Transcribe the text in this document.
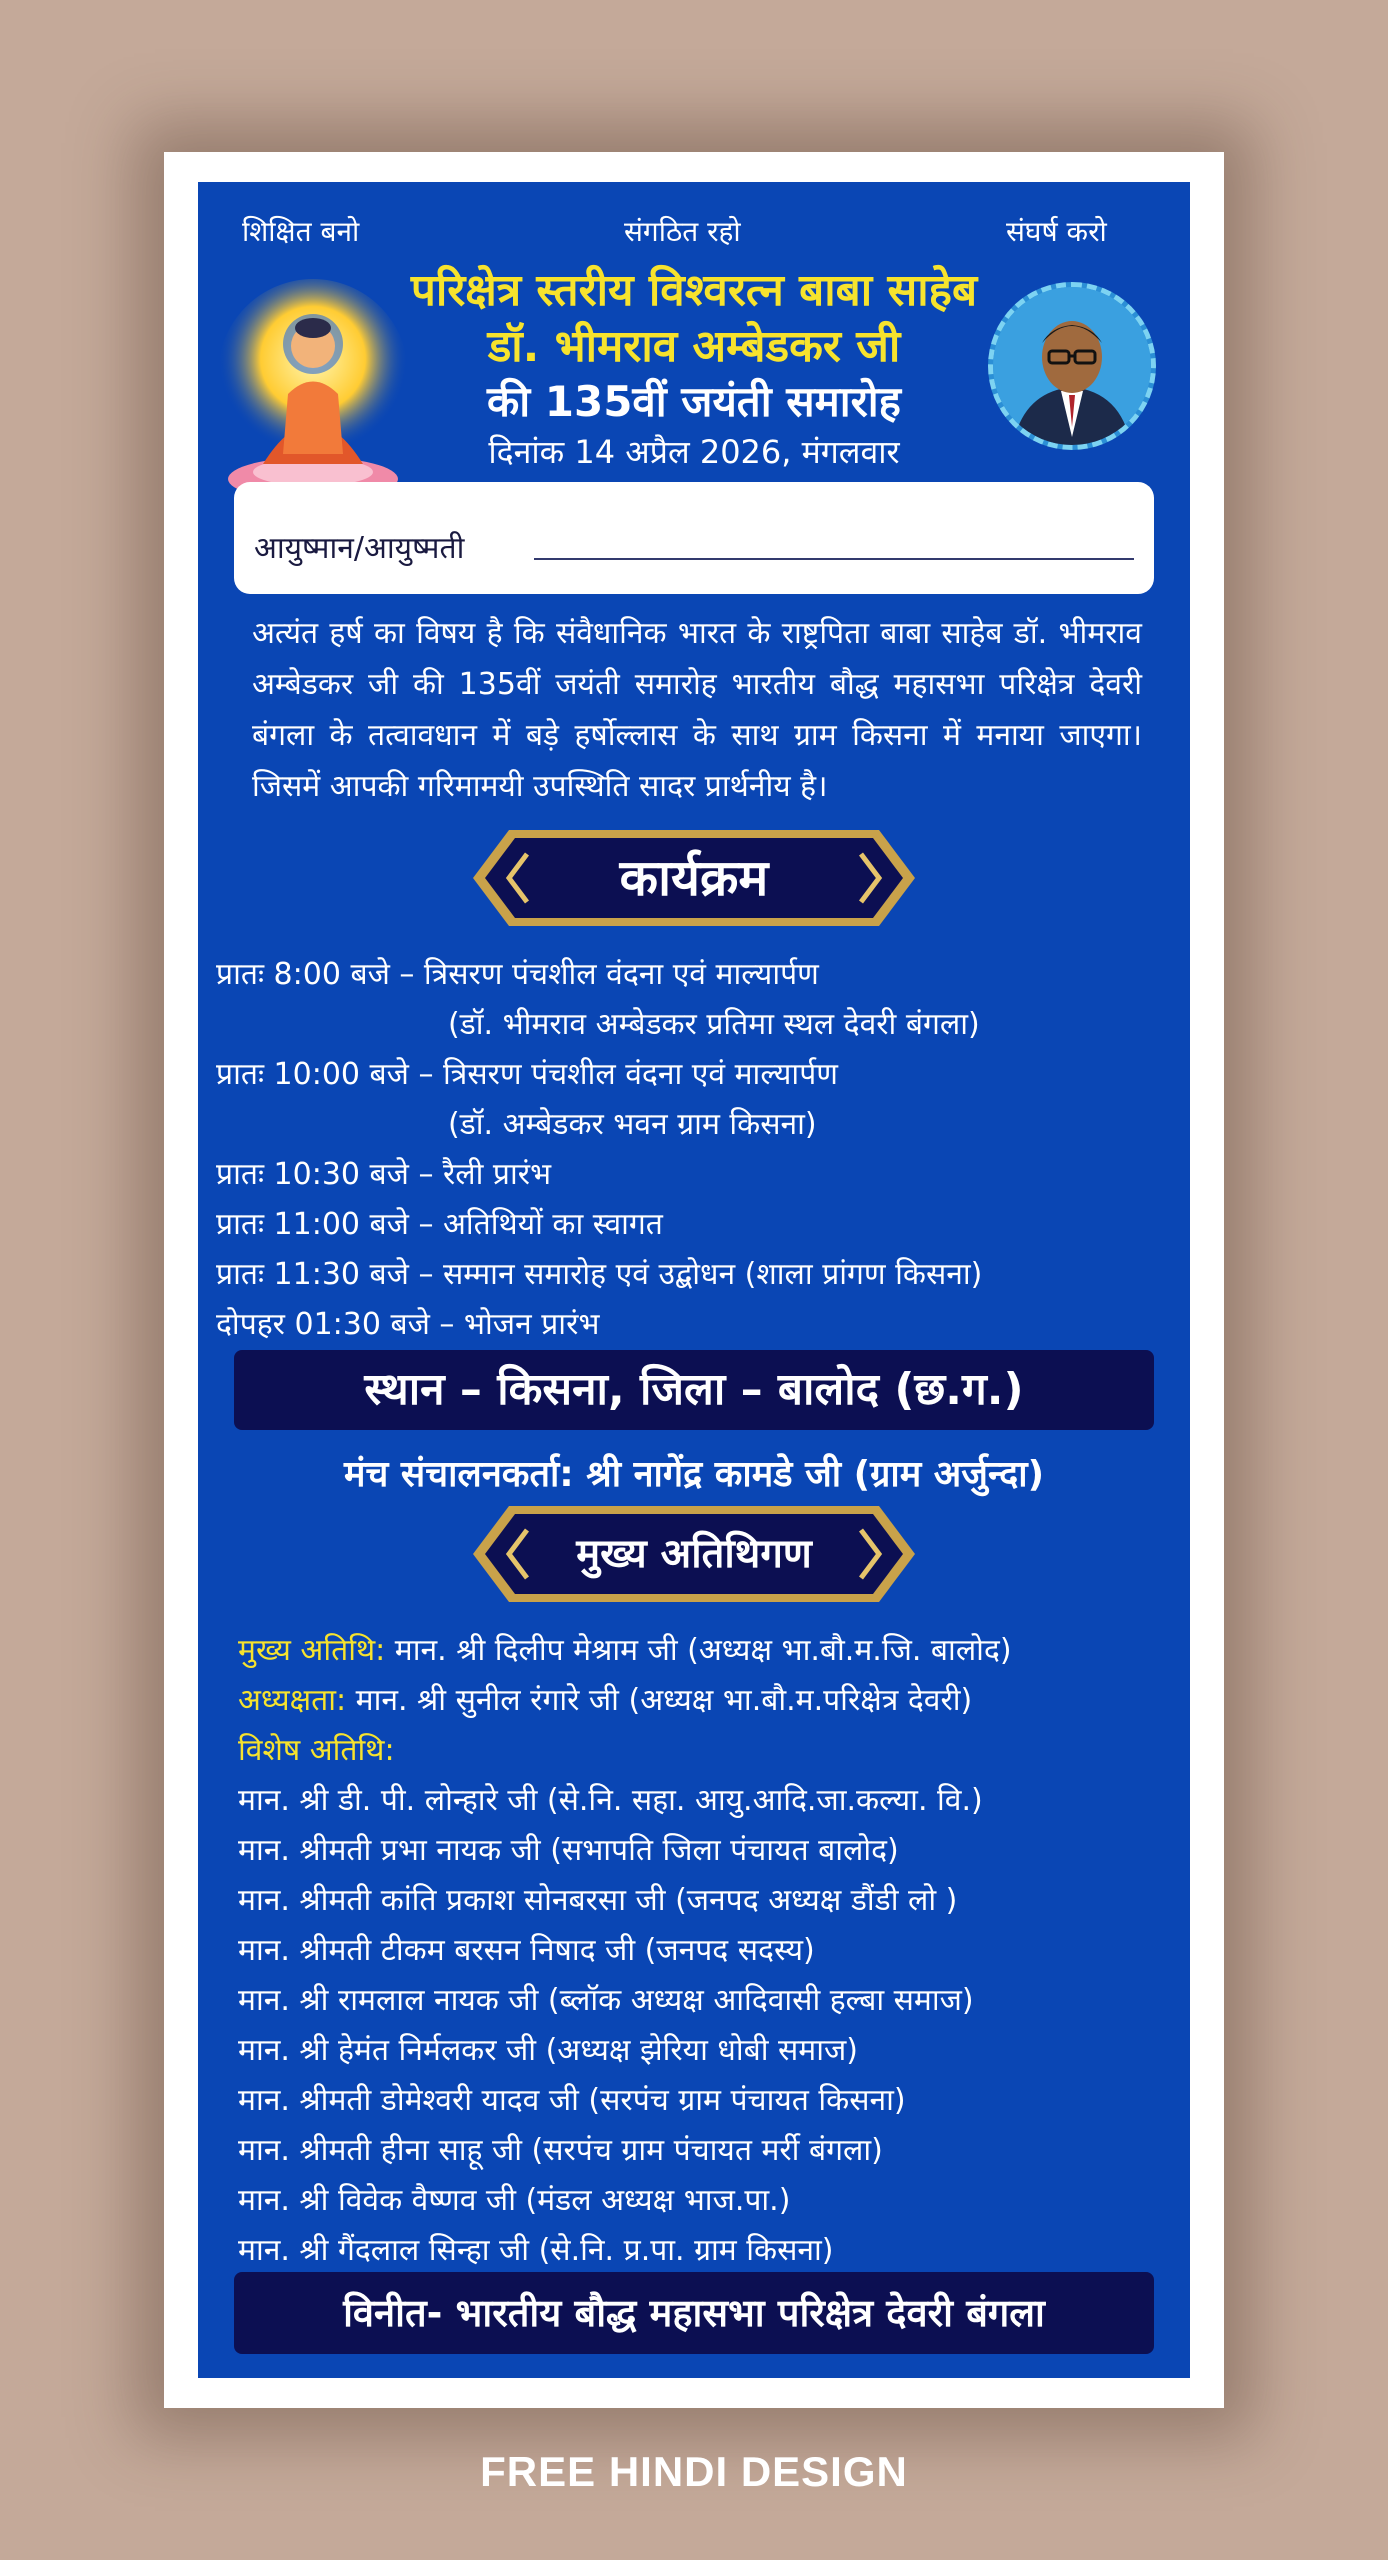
शिक्षित बनो	संगठित रहो	संघर्ष करो
परिक्षेत्र स्तरीय विश्वरत्न बाबा साहेब
डॉ. भीमराव अम्बेडकर जी
की 135वीं जयंती समारोह
दिनांक 14 अप्रैल 2026, मंगलवार
आयुष्मान/आयुष्मती
अत्यंत हर्ष का विषय है कि संवैधानिक भारत के राष्ट्रपिता बाबा साहेब डॉ. भीमराव अम्बेडकर जी की 135वीं जयंती समारोह भारतीय बौद्ध महासभा परिक्षेत्र देवरी बंगला के तत्वावधान में बड़े हर्षोल्लास के साथ ग्राम किसना में मनाया जाएगा। जिसमें आपकी गरिमामयी उपस्थिति सादर प्रार्थनीय है।
कार्यक्रम
प्रातः 8:00 बजे – त्रिसरण पंचशील वंदना एवं माल्यार्पण
(डॉ. भीमराव अम्बेडकर प्रतिमा स्थल देवरी बंगला)
प्रातः 10:00 बजे – त्रिसरण पंचशील वंदना एवं माल्यार्पण
(डॉ. अम्बेडकर भवन ग्राम किसना)
प्रातः 10:30 बजे – रैली प्रारंभ
प्रातः 11:00 बजे – अतिथियों का स्वागत
प्रातः 11:30 बजे – सम्मान समारोह एवं उद्बोधन (शाला प्रांगण किसना)
दोपहर 01:30 बजे – भोजन प्रारंभ
स्थान – किसना, जिला – बालोद (छ.ग.)
मंच संचालनकर्ता: श्री नागेंद्र कामडे जी (ग्राम अर्जुन्दा)
मुख्य अतिथिगण
मुख्य अतिथि: मान. श्री दिलीप मेश्राम जी (अध्यक्ष भा.बौ.म.जि. बालोद)
अध्यक्षता: मान. श्री सुनील रंगारे जी (अध्यक्ष भा.बौ.म.परिक्षेत्र देवरी)
विशेष अतिथि:
मान. श्री डी. पी. लोन्हारे जी (से.नि. सहा. आयु.आदि.जा.कल्या. वि.)
मान. श्रीमती प्रभा नायक जी (सभापति जिला पंचायत बालोद)
मान. श्रीमती कांति प्रकाश सोनबरसा जी (जनपद अध्यक्ष डौंडी लो )
मान. श्रीमती टीकम बरसन निषाद जी (जनपद सदस्य)
मान. श्री रामलाल नायक जी (ब्लॉक अध्यक्ष आदिवासी हल्बा समाज)
मान. श्री हेमंत निर्मलकर जी (अध्यक्ष झेरिया धोबी समाज)
मान. श्रीमती डोमेश्वरी यादव जी (सरपंच ग्राम पंचायत किसना)
मान. श्रीमती हीना साहू जी (सरपंच ग्राम पंचायत मर्री बंगला)
मान. श्री विवेक वैष्णव जी (मंडल अध्यक्ष भाज.पा.)
मान. श्री गैंदलाल सिन्हा जी (से.नि. प्र.पा. ग्राम किसना)
विनीत- भारतीय बौद्ध महासभा परिक्षेत्र देवरी बंगला
FREE HINDI DESIGN
